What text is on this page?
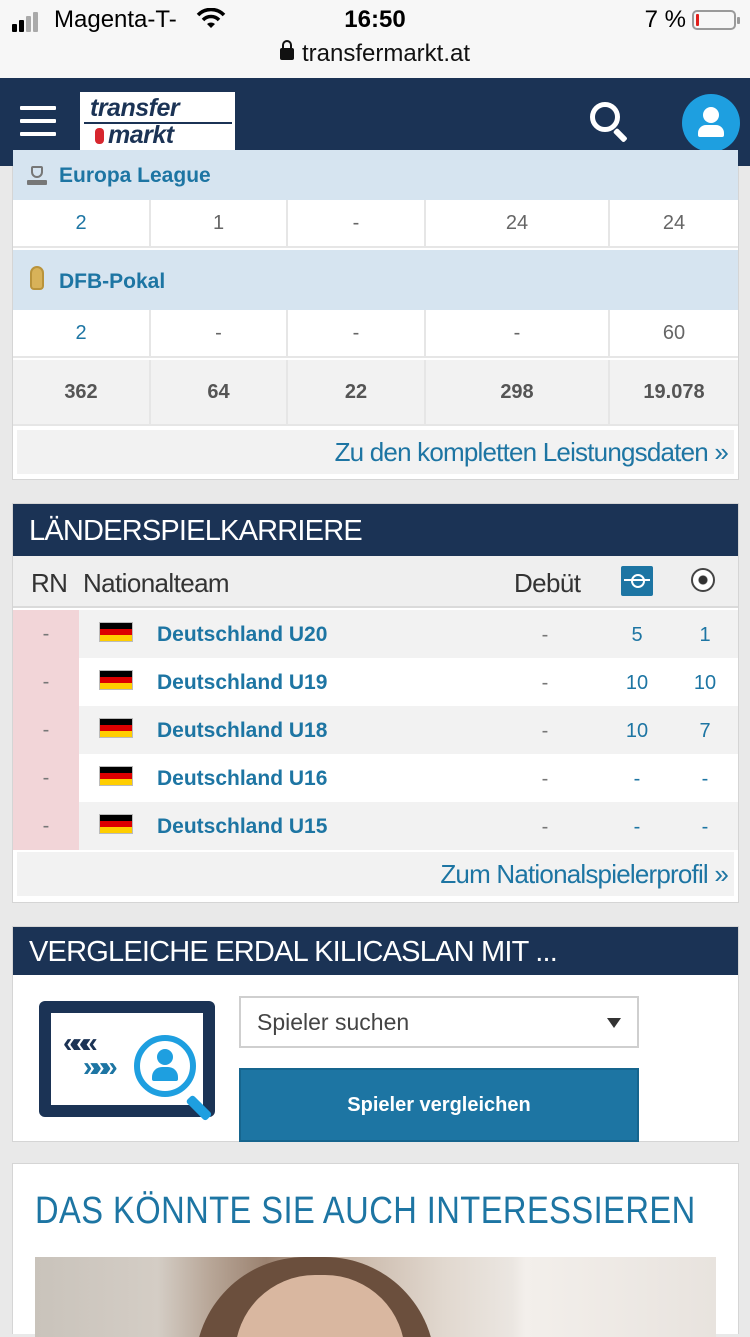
Magenta-T-	16:50	7 %
transfermarkt.at
transfer
markt
Europa League
2	1	-	24	24
DFB-Pokal
2	-	-	-	60
362	64	22	298	19.078
Zu den kompletten Leistungsdaten »
LÄNDERSPIELKARRIERE
RN Nationalteam	Debüt
-	Deutschland U20	-	5	1
-	Deutschland U19	-	10	10
-	Deutschland U18	-	10	7
-	Deutschland U16	-	-	-
-	Deutschland U15	-	-	-
Zum Nationalspielerprofil »
VERGLEICHE ERDAL KILICASLAN MIT ...
«««
»»»
Spieler suchen
Spieler vergleichen
DAS KÖNNTE SIE AUCH INTERESSIEREN
